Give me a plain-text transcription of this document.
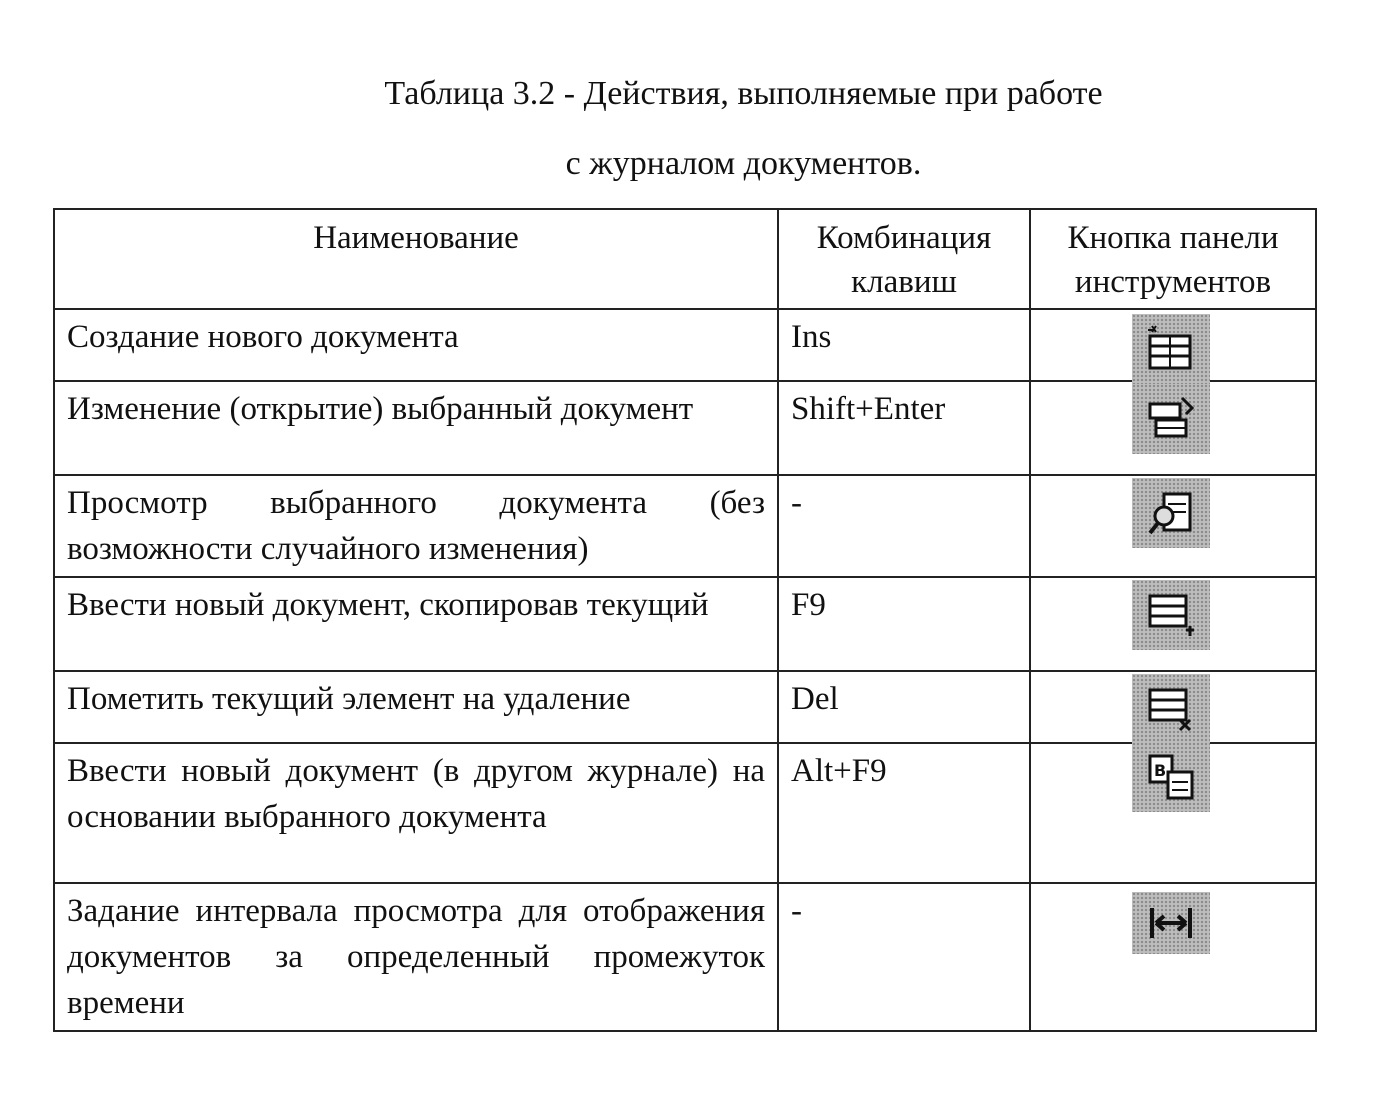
Таблица 3.2 - Действия, выполняемые при работе
с журналом документов.
Наименование	Комбинация клавиш	Кнопка панели инструментов
Создание нового документа	Ins	

Изменение (открытие) выбранный документ	Shift+Enter	

Просмотр выбранного документа (без возможности случайного изменения)	-	

Ввести новый документ, скопировав текущий	F9	

Пометить текущий элемент на удаление	Del	

Ввести новый документ (в другом журнале) на основании выбранного документа	Alt+F9	B

Задание интервала просмотра для отображения документов за определенный промежуток времени	-	
